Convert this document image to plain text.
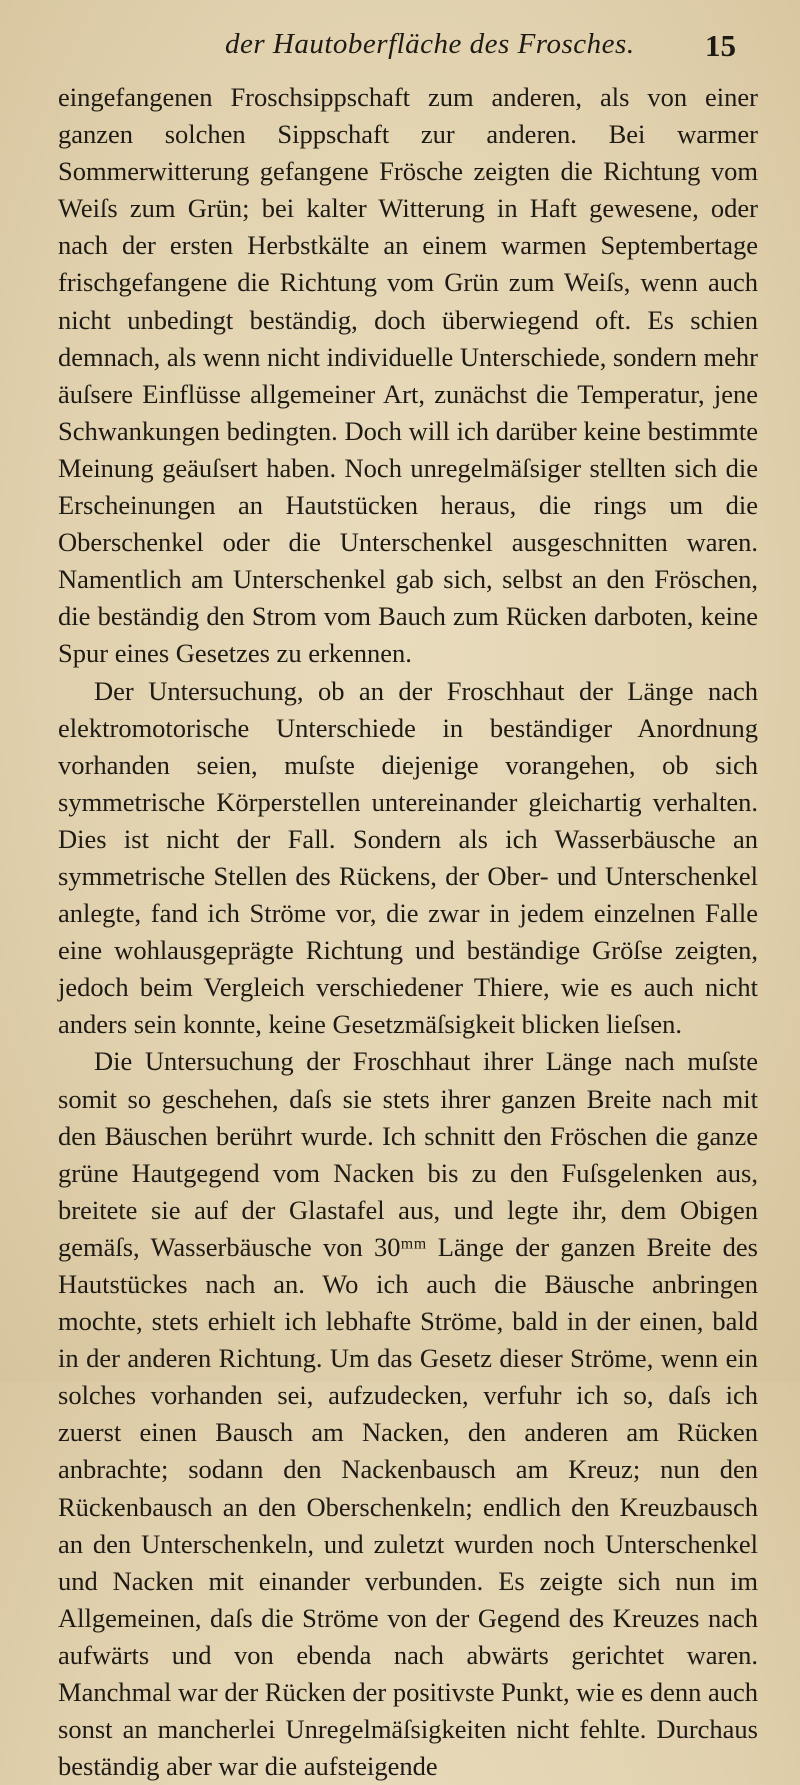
der Hautoberfläche des Frosches. 15

eingefangenen Froschsippschaft zum anderen, als von einer ganzen solchen Sippschaft zur anderen. Bei warmer Sommerwitterung gefangene Frösche zeigten die Richtung vom Weiſs zum Grün; bei kalter Witterung in Haft gewesene, oder nach der ersten Herbstkälte an einem warmen Septembertage frischgefangene die Richtung vom Grün zum Weiſs, wenn auch nicht unbedingt beständig, doch überwiegend oft. Es schien demnach, als wenn nicht individuelle Unterschiede, sondern mehr äuſsere Einflüsse allgemeiner Art, zunächst die Temperatur, jene Schwankungen bedingten. Doch will ich darüber keine bestimmte Meinung geäuſsert haben. Noch unregelmäſsiger stellten sich die Erscheinungen an Hautstücken heraus, die rings um die Oberschenkel oder die Unterschenkel ausgeschnitten waren. Namentlich am Unterschenkel gab sich, selbst an den Fröschen, die beständig den Strom vom Bauch zum Rücken darboten, keine Spur eines Gesetzes zu erkennen.

Der Untersuchung, ob an der Froschhaut der Länge nach elektromotorische Unterschiede in beständiger Anordnung vorhanden seien, muſste diejenige vorangehen, ob sich symmetrische Körperstellen untereinander gleichartig verhalten. Dies ist nicht der Fall. Sondern als ich Wasserbäusche an symmetrische Stellen des Rückens, der Ober- und Unterschenkel anlegte, fand ich Ströme vor, die zwar in jedem einzelnen Falle eine wohlausgeprägte Richtung und beständige Gröſse zeigten, jedoch beim Vergleich verschiedener Thiere, wie es auch nicht anders sein konnte, keine Gesetzmäſsigkeit blicken lieſsen.

Die Untersuchung der Froschhaut ihrer Länge nach muſste somit so geschehen, daſs sie stets ihrer ganzen Breite nach mit den Bäuschen berührt wurde. Ich schnitt den Fröschen die ganze grüne Hautgegend vom Nacken bis zu den Fuſsgelenken aus, breitete sie auf der Glastafel aus, und legte ihr, dem Obigen gemäſs, Wasserbäusche von 30ᵐᵐ Länge der ganzen Breite des Hautstückes nach an. Wo ich auch die Bäusche anbringen mochte, stets erhielt ich lebhafte Ströme, bald in der einen, bald in der anderen Richtung. Um das Gesetz dieser Ströme, wenn ein solches vorhanden sei, aufzudecken, verfuhr ich so, daſs ich zuerst einen Bausch am Nacken, den anderen am Rücken anbrachte; sodann den Nackenbausch am Kreuz; nun den Rückenbausch an den Oberschenkeln; endlich den Kreuzbausch an den Unterschenkeln, und zuletzt wurden noch Unterschenkel und Nacken mit einander verbunden. Es zeigte sich nun im Allgemeinen, daſs die Ströme von der Gegend des Kreuzes nach aufwärts und von ebenda nach abwärts gerichtet waren. Manchmal war der Rücken der positivste Punkt, wie es denn auch sonst an mancherlei Unregelmäſsigkeiten nicht fehlte. Durchaus beständig aber war die aufsteigende
